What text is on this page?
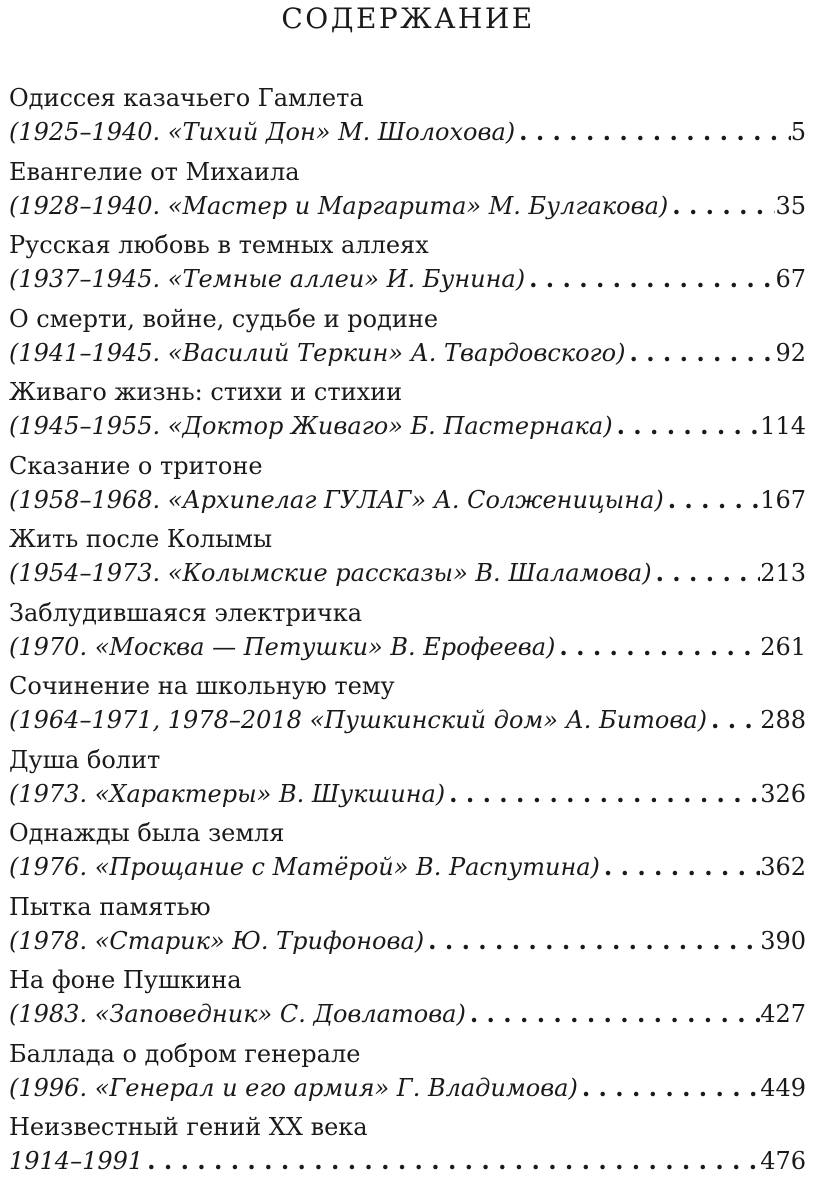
СОДЕРЖАНИЕ
Одиссея казачьего Гамлета
(1925–1940. «Тихий Дон» М. Шолохова) . . .	5
Евангелие от Михаила
(1928–1940. «Мастер и Маргарита» М. Булгакова) . . .	35
Русская любовь в темных аллеях
(1937–1945. «Темные аллеи» И. Бунина) . . .	67
О смерти, войне, судьбе и родине
(1941–1945. «Василий Теркин» А. Твардовского) . . .	92
Живаго жизнь: стихи и стихии
(1945–1955. «Доктор Живаго» Б. Пастернака) . . .	114
Сказание о тритоне
(1958–1968. «Архипелаг ГУЛАГ» А. Солженицына) . . .	167
Жить после Колымы
(1954–1973. «Колымские рассказы» В. Шаламова) . . .	213
Заблудившаяся электричка
(1970. «Москва — Петушки» В. Ерофеева) . . .	261
Сочинение на школьную тему
(1964–1971, 1978–2018 «Пушкинский дом» А. Битова) . . . 288
Душа болит
(1973. «Характеры» В. Шукшина) . . .	326
Однажды была земля
(1976. «Прощание с Матёрой» В. Распутина) . . .	362
Пытка памятью
(1978. «Старик» Ю. Трифонова) . . .	390
На фоне Пушкина
(1983. «Заповедник» С. Довлатова) . . .	427
Баллада о добром генерале
(1996. «Генерал и его армия» Г. Владимова) . . .	449
Неизвестный гений XX века
1914–1991 . . .	476
